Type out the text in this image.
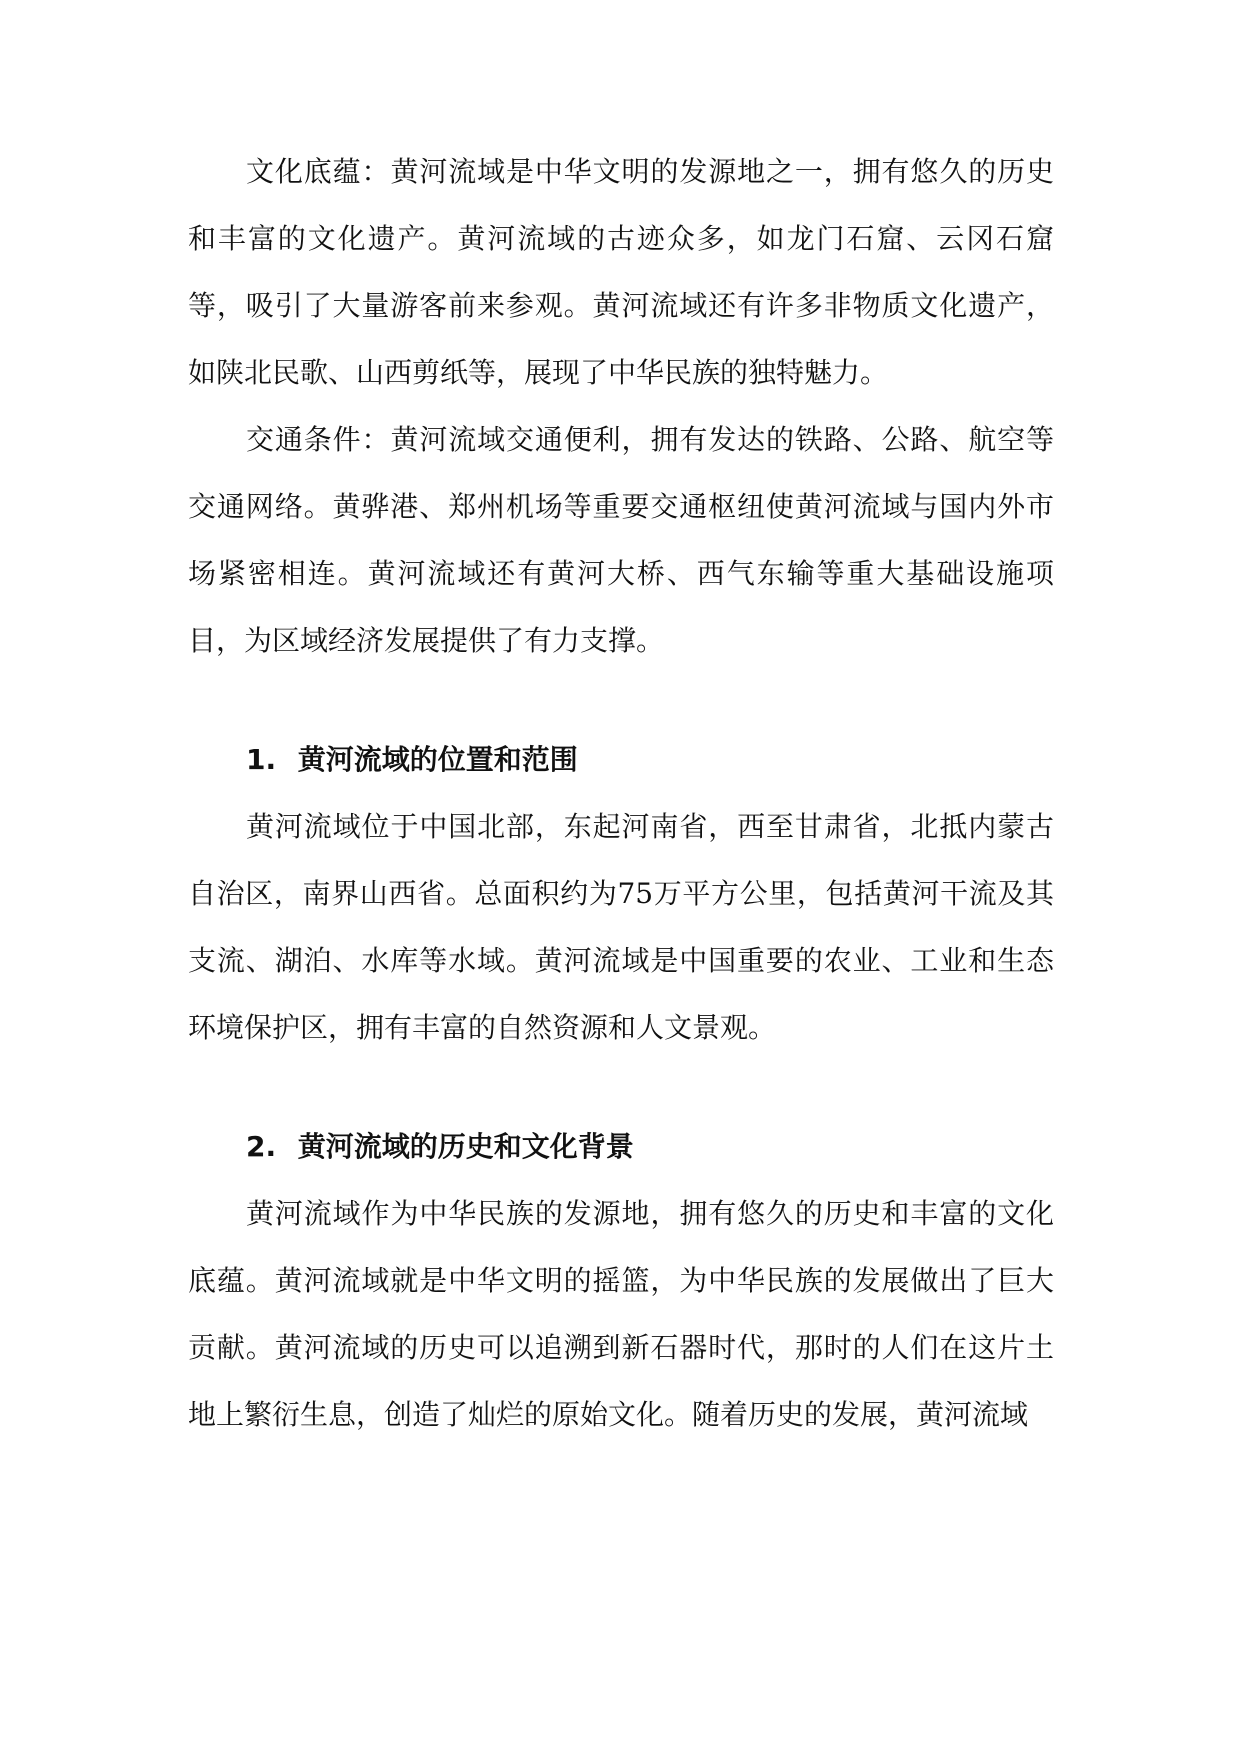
文化底蕴：黄河流域是中华文明的发源地之一，拥有悠久的历史和丰富的文化遗产。黄河流域的古迹众多，如龙门石窟、云冈石窟等，吸引了大量游客前来参观。黄河流域还有许多非物质文化遗产，如陕北民歌、山西剪纸等，展现了中华民族的独特魅力。

交通条件：黄河流域交通便利，拥有发达的铁路、公路、航空等交通网络。黄骅港、郑州机场等重要交通枢纽使黄河流域与国内外市场紧密相连。黄河流域还有黄河大桥、西气东输等重大基础设施项目，为区域经济发展提供了有力支撑。

1. 黄河流域的位置和范围

黄河流域位于中国北部，东起河南省，西至甘肃省，北抵内蒙古自治区，南界山西省。总面积约为75万平方公里，包括黄河干流及其支流、湖泊、水库等水域。黄河流域是中国重要的农业、工业和生态环境保护区，拥有丰富的自然资源和人文景观。

2. 黄河流域的历史和文化背景

黄河流域作为中华民族的发源地，拥有悠久的历史和丰富的文化底蕴。黄河流域就是中华文明的摇篮，为中华民族的发展做出了巨大贡献。黄河流域的历史可以追溯到新石器时代，那时的人们在这片土地上繁衍生息，创造了灿烂的原始文化。随着历史的发展，黄河流域
